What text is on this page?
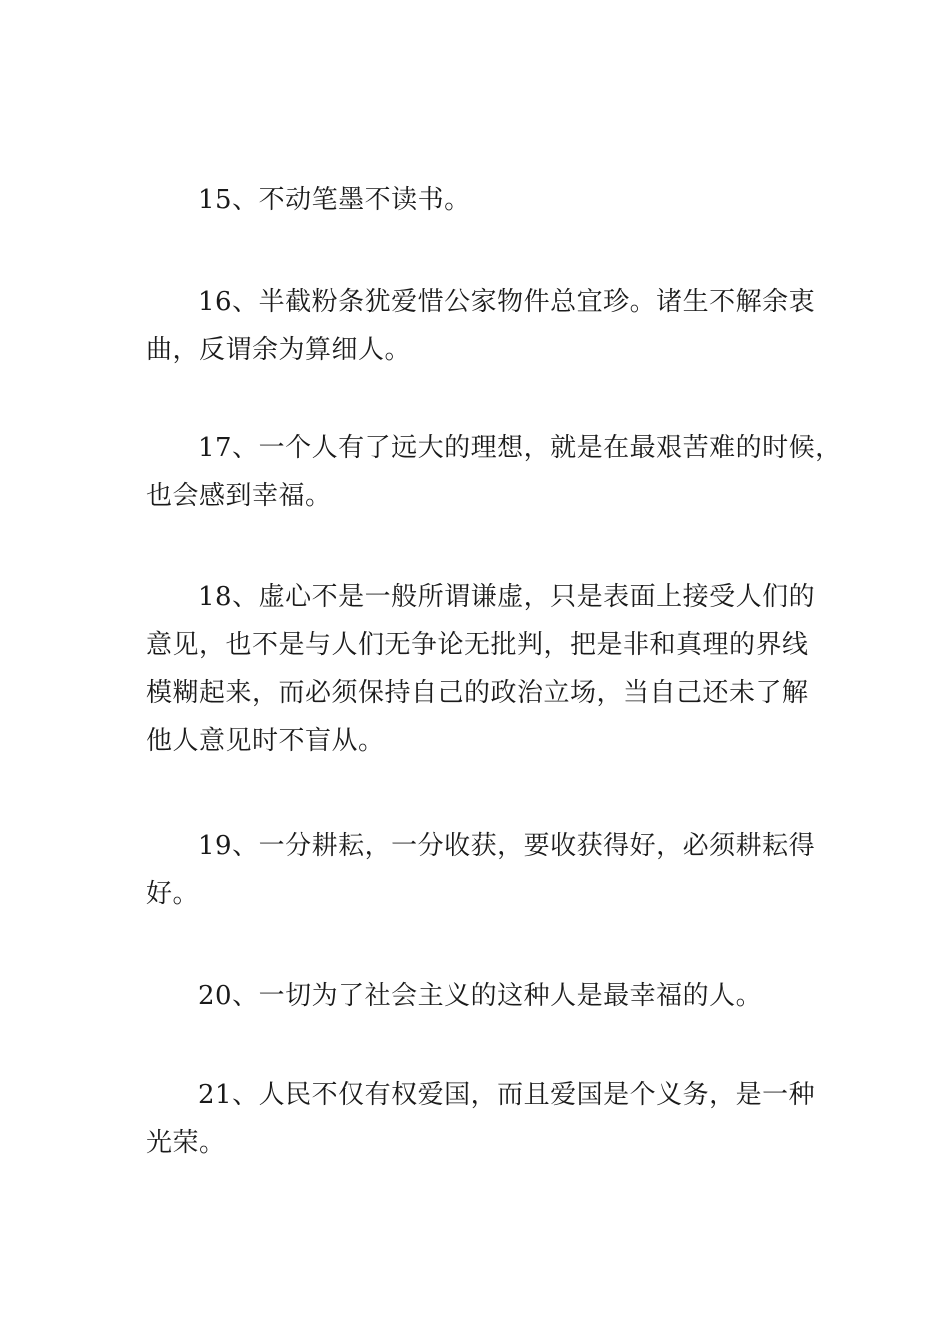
15、不动笔墨不读书。

16、半截粉条犹爱惜公家物件总宜珍。诸生不解余衷
曲，反谓余为算细人。

17、一个人有了远大的理想，就是在最艰苦难的时候，
也会感到幸福。

18、虚心不是一般所谓谦虚，只是表面上接受人们的
意见，也不是与人们无争论无批判，把是非和真理的界线
模糊起来，而必须保持自己的政治立场，当自己还未了解
他人意见时不盲从。

19、一分耕耘，一分收获，要收获得好，必须耕耘得
好。

20、一切为了社会主义的这种人是最幸福的人。

21、人民不仅有权爱国，而且爱国是个义务，是一种
光荣。
